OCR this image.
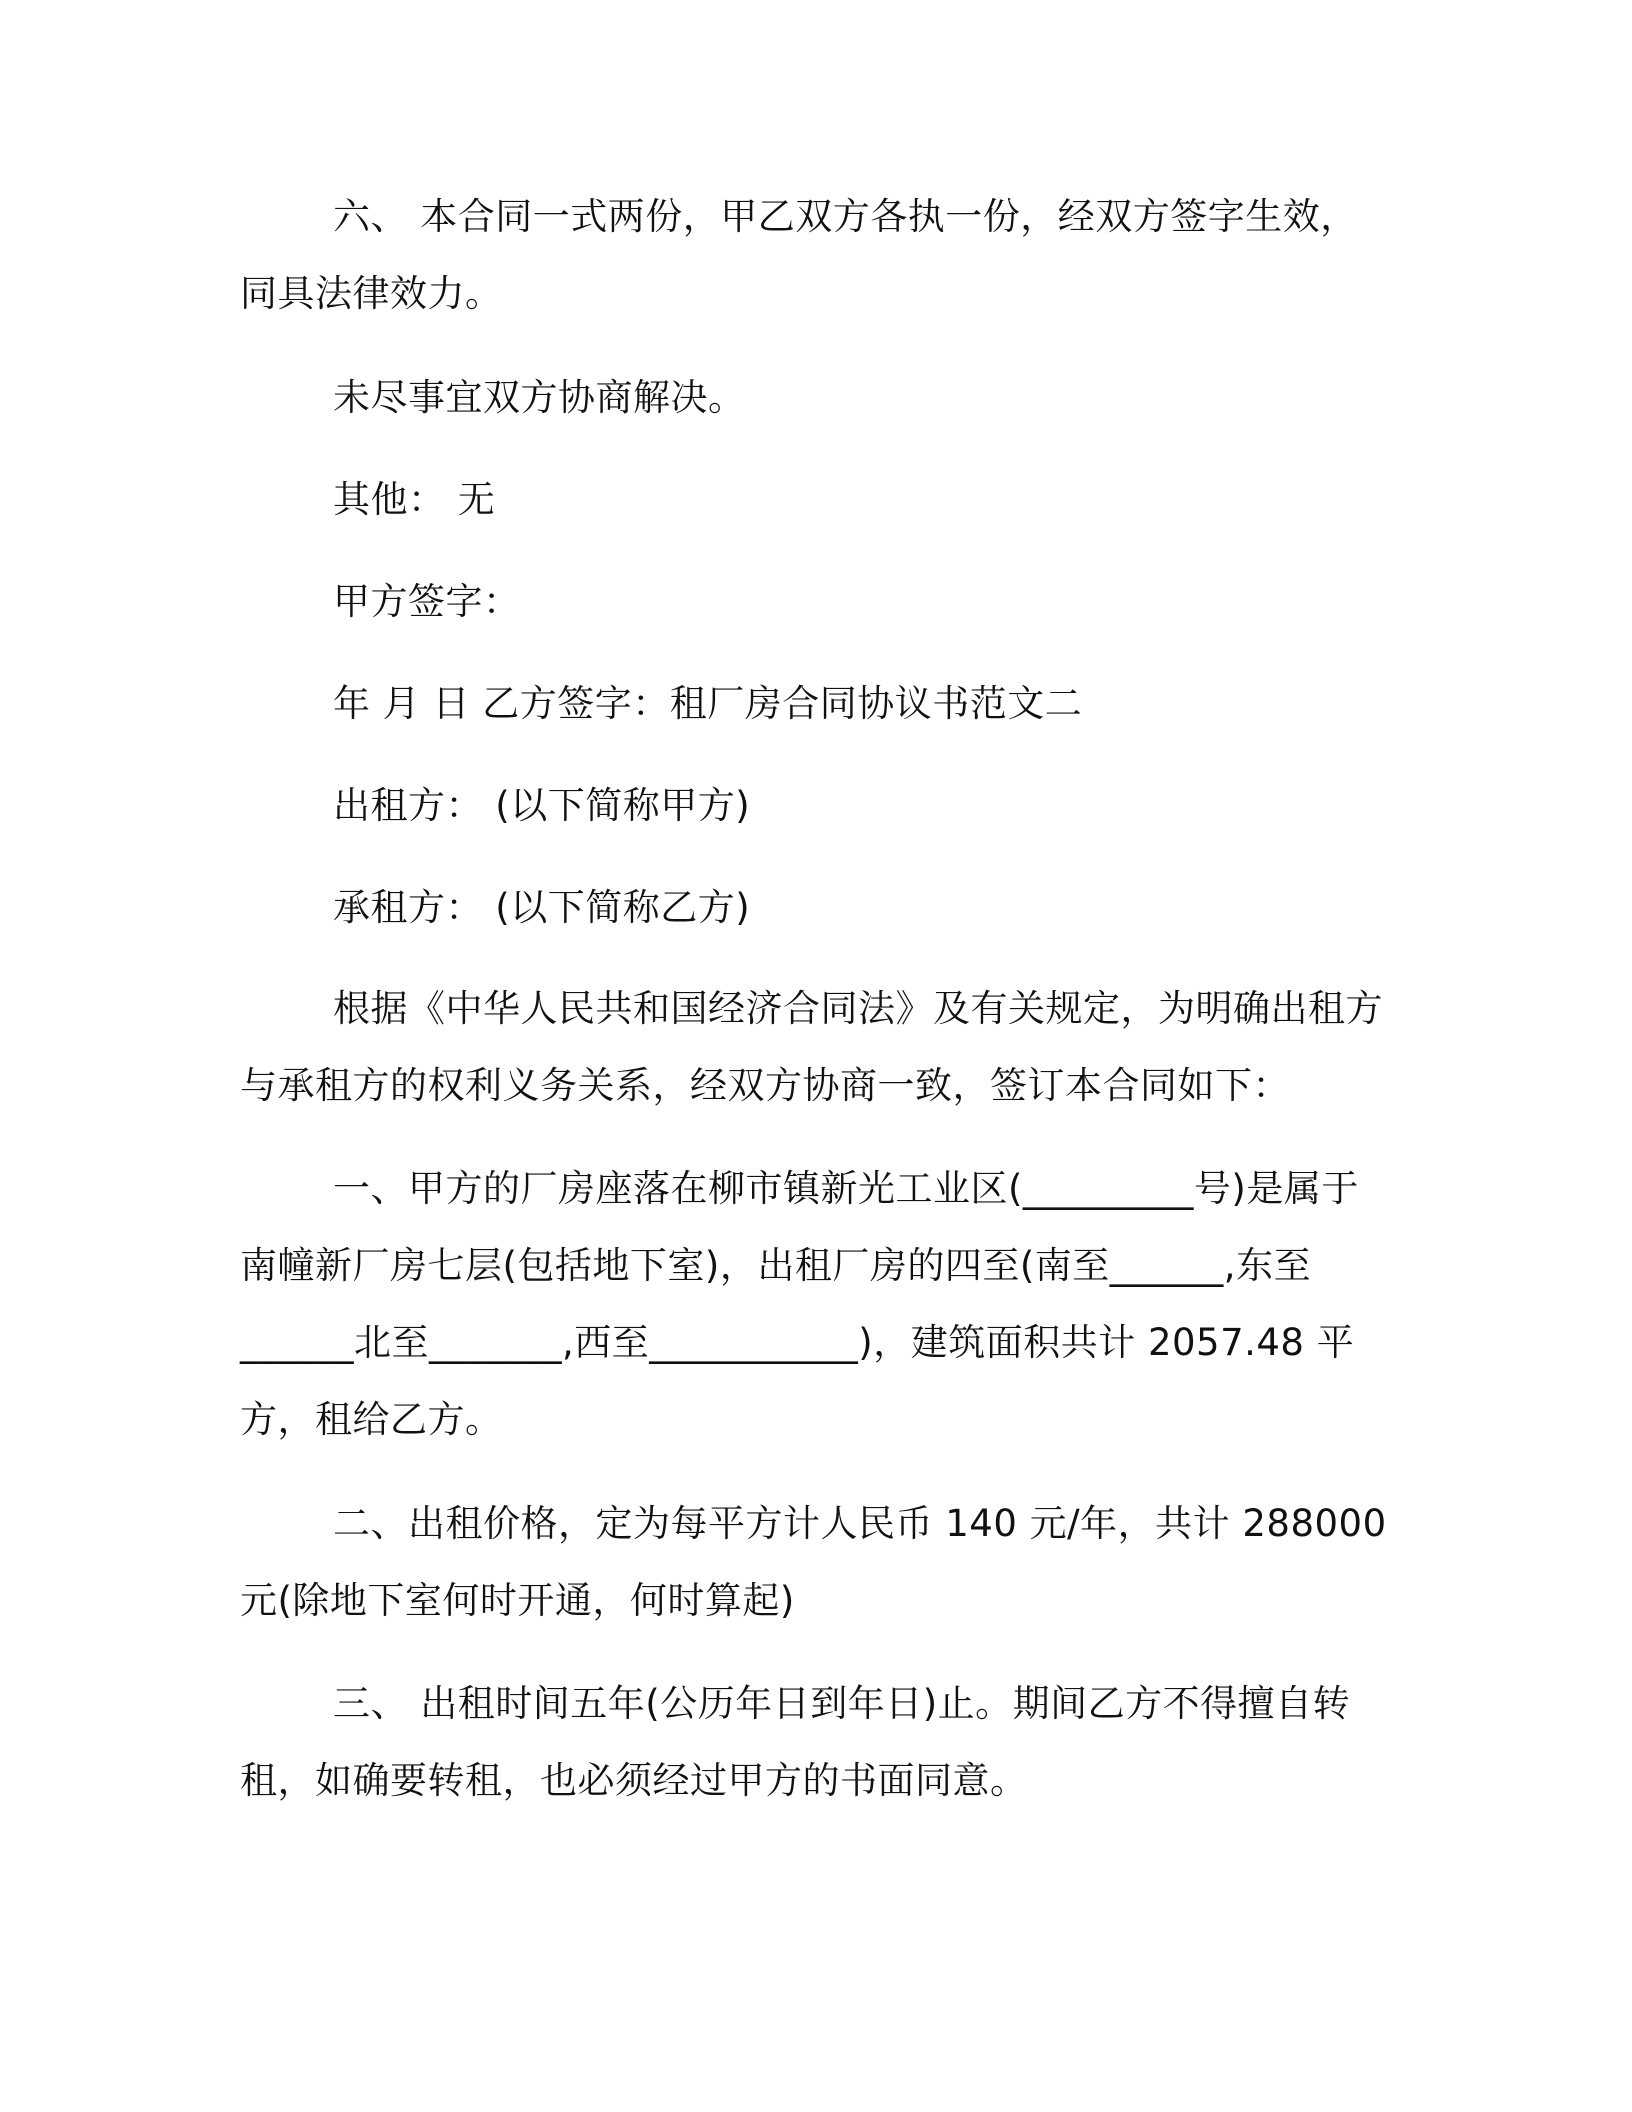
六、 本合同一式两份，甲乙双方各执一份，经双方签字生效，同具法律效力。

未尽事宜双方协商解决。

其他： 无

甲方签字：

年 月 日 乙方签字：租厂房合同协议书范文二

出租方： (以下简称甲方)

承租方： (以下简称乙方)

根据《中华人民共和国经济合同法》及有关规定，为明确出租方与承租方的权利义务关系，经双方协商一致，签订本合同如下：

一、甲方的厂房座落在柳市镇新光工业区(_________号)是属于南幢新厂房七层(包括地下室)，出租厂房的四至(南至______,东至______北至_______,西至___________)，建筑面积共计 2057.48 平方，租给乙方。

二、出租价格，定为每平方计人民币 140 元/年，共计 288000 元(除地下室何时开通，何时算起)

三、 出租时间五年(公历年日到年日)止。期间乙方不得擅自转租，如确要转租，也必须经过甲方的书面同意。
